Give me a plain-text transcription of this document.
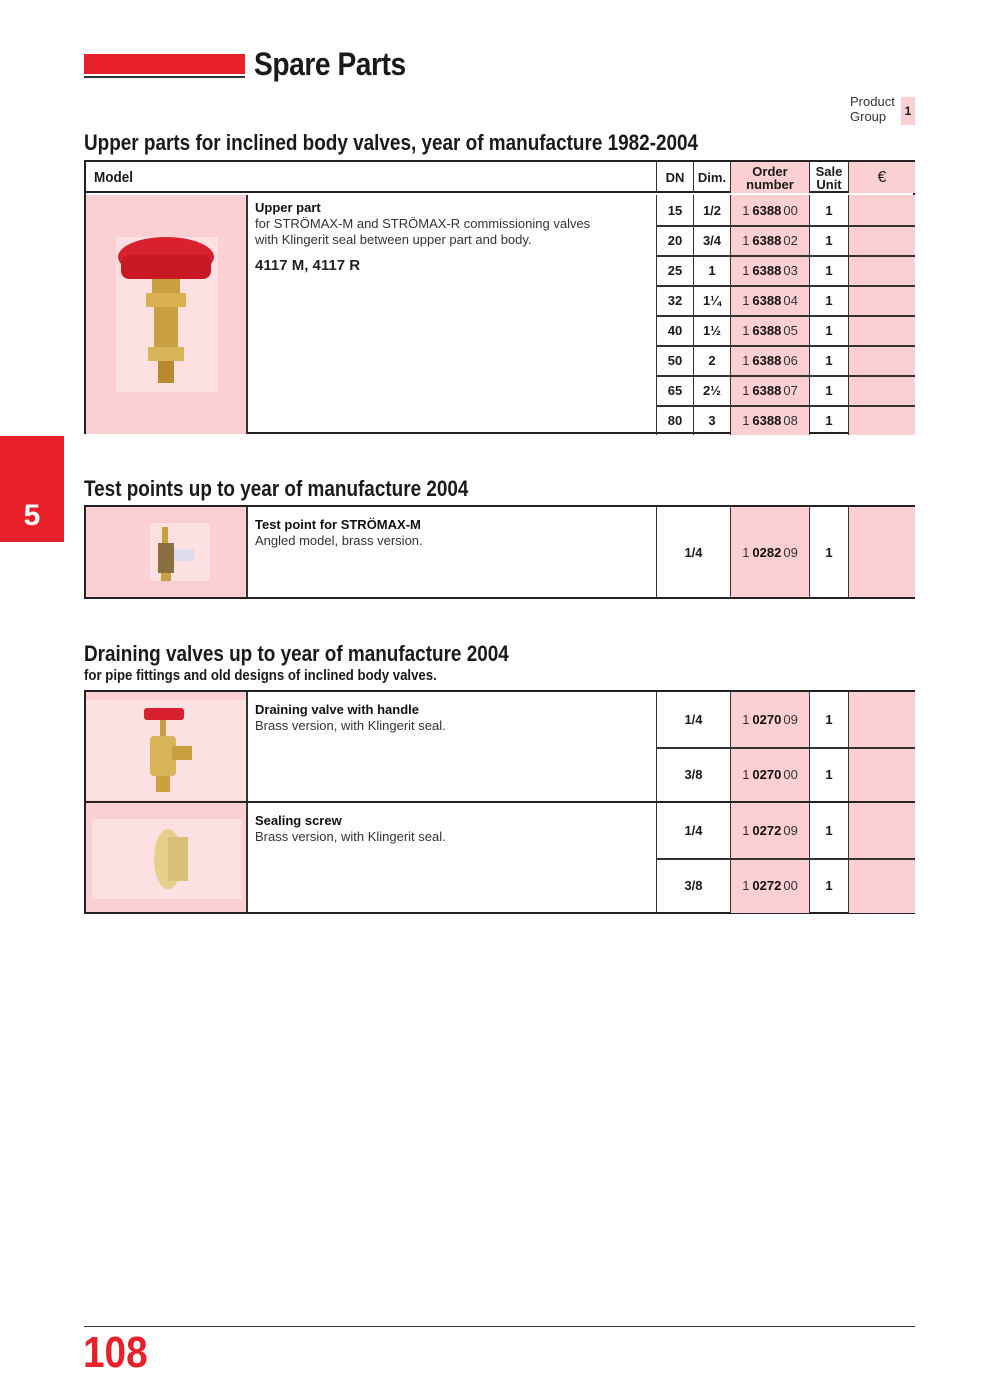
Spare Parts
Product
Group	1
5
Upper parts for inclined body valves, year of manufacture 1982-2004
Test points up to year of manufacture 2004
Draining valves up to year of manufacture 2004
for pipe fittings and old designs of inclined body valves.
Model	DN	Dim.	Order
number
Sale
Unit	€
Upper part
for STRÖMAX-M and STRÖMAX-R commissioning valves
with Klingerit seal between upper part and body.
4117 M, 4117 R
15	1/2	1 6388 00	1
20	3/4	1 6388 02	1
25	1	1 6388 03	1
32	1¼	1 6388 04	1
40	1½	1 6388 05	1
50	2	1 6388 06	1
65	2½	1 6388 07	1
80	3	1 6388 08	1
Test point for STRÖMAX-M
Angled model, brass version.
1/4	1 0282 09	1
Draining valve with handle
Brass version, with Klingerit seal.	1/4	1 0270 09	1
3/8	1 0270 00	1
Sealing screw
Brass version, with Klingerit seal.	1/4	1 0272 09	1
3/8	1 0272 00	1
108
